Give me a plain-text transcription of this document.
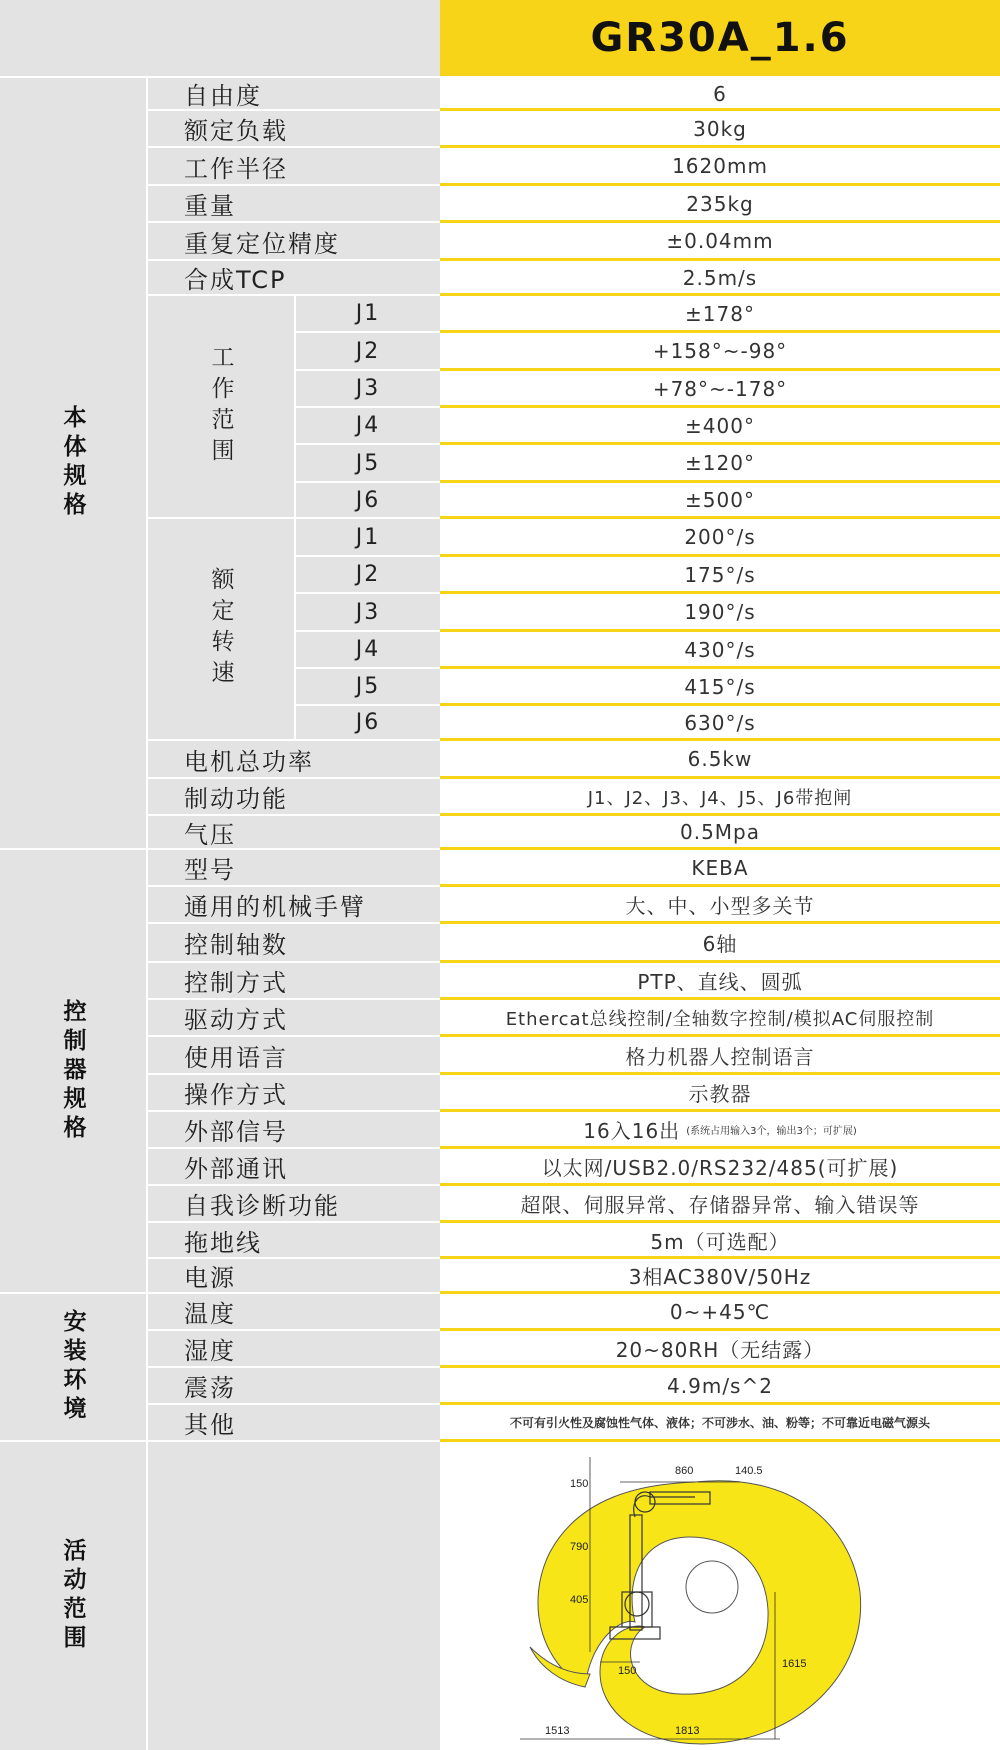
GR30A_1.6
本体规格
控制器规格
安装环境
活动范围
工作范围
额定转速
自由度	6
额定负载	30kg
工作半径	1620mm
重量	235kg
重复定位精度	±0.04mm
合成TCP	2.5m/s
J1	±178°
J2	+158°~-98°
J3	+78°~-178°
J4	±400°
J5	±120°
J6	±500°
J1	200°/s
J2	175°/s
J3	190°/s
J4	430°/s
J5	415°/s
J6	630°/s
电机总功率	6.5kw
制动功能	J1、J2、J3、J4、J5、J6带抱闸
气压	0.5Mpa
型号	KEBA
通用的机械手臂	大、中、小型多关节
控制轴数	6轴
控制方式	PTP、直线、圆弧
驱动方式	Ethercat总线控制/全轴数字控制/模拟AC伺服控制
使用语言	格力机器人控制语言
操作方式	示教器
外部信号	16入16出 (系统占用输入3个，输出3个；可扩展)
外部通讯	以太网/USB2.0/RS232/485(可扩展)
自我诊断功能	超限、伺服异常、存储器异常、输入错误等
拖地线	5m（可选配）
电源	3相AC380V/50Hz
温度	0~+45℃
湿度	20~80RH（无结露）
震荡	4.9m/s^2
其他	不可有引火性及腐蚀性气体、液体；不可涉水、油、粉等；不可靠近电磁气源头
860	140.5
150
790
405
150
1615
1513	1813
